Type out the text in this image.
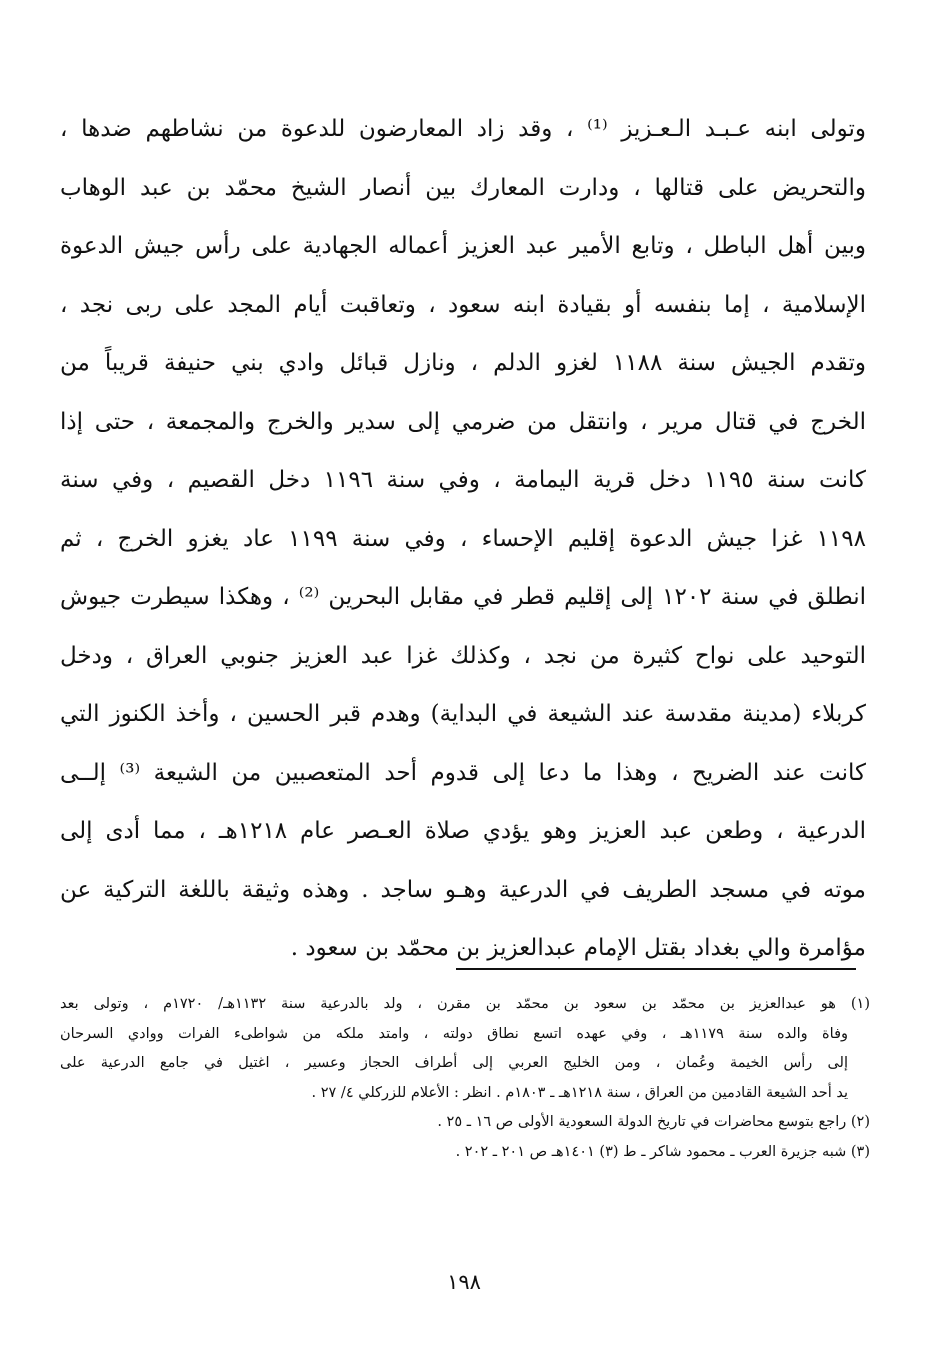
وتولى ابنه عـبـد الـعـزيز ⁽¹⁾ ، وقد زاد المعارضون للدعوة من نشاطهم ضدها ،
والتحريض على قتالها ، ودارت المعارك بين أنصار الشيخ محمّد بن عبد الوهاب
وبين أهل الباطل ، وتابع الأمير عبد العزيز أعماله الجهادية على رأس جيش الدعوة
الإسلامية ، إما بنفسه أو بقيادة ابنه سعود ، وتعاقبت أيام المجد على ربى نجد ،
وتقدم الجيش سنة ١١٨٨ لغزو الدلم ، ونازل قبائل وادي بني حنيفة قريباً من
الخرج في قتال مرير ، وانتقل من ضرمي إلى سدير والخرج والمجمعة ، حتى إذا
كانت سنة ١١٩٥ دخل قرية اليمامة ، وفي سنة ١١٩٦ دخل القصيم ، وفي سنة
١١٩٨ غزا جيش الدعوة إقليم الإحساء ، وفي سنة ١١٩٩ عاد يغزو الخرج ، ثم
انطلق في سنة ١٢٠٢ إلى إقليم قطر في مقابل البحرين ⁽²⁾ ، وهكذا سيطرت جيوش
التوحيد على نواح كثيرة من نجد ، وكذلك غزا عبد العزيز جنوبي العراق ، ودخل
كربلاء (مدينة مقدسة عند الشيعة في البداية) وهدم قبر الحسين ، وأخذ الكنوز التي
كانت عند الضريح ، وهذا ما دعا إلى قدوم أحد المتعصبين من الشيعة ⁽³⁾ إلــى
الدرعية ، وطعن عبد العزيز وهو يؤدي صلاة العـصر عام ١٢١٨هـ ، مما أدى إلى
موته في مسجد الطريف في الدرعية وهـو ساجد . وهذه وثيقة باللغة التركية عن
مؤامرة والي بغداد بقتل الإمام عبدالعزيز بن محمّد بن سعود .
(١) هو عبدالعزيز بن محمّد بن سعود بن محمّد بن مقرن ، ولد بالدرعية سنة ١١٣٢هـ/ ١٧٢٠م ، وتولى بعد
وفاة والده سنة ١١٧٩هـ ، وفي عهده اتسع نطاق دولته ، وامتد ملكه من شواطىء الفرات ووادي السرحان
إلى رأس الخيمة وعُمان ، ومن الخليج العربي إلى أطراف الحجاز وعسير ، اغتيل في جامع الدرعية على
يد أحد الشيعة القادمين من العراق ، سنة ١٢١٨هـ ـ ١٨٠٣م . انظر : الأعلام للزركلي ٤/ ٢٧ .
(٢) راجع بتوسع محاضرات في تاريخ الدولة السعودية الأولى ص ١٦ ـ ٢٥ .
(٣) شبه جزيرة العرب ـ محمود شاكر ـ ط (٣) ١٤٠١هـ ص ٢٠١ ـ ٢٠٢ .
١٩٨
